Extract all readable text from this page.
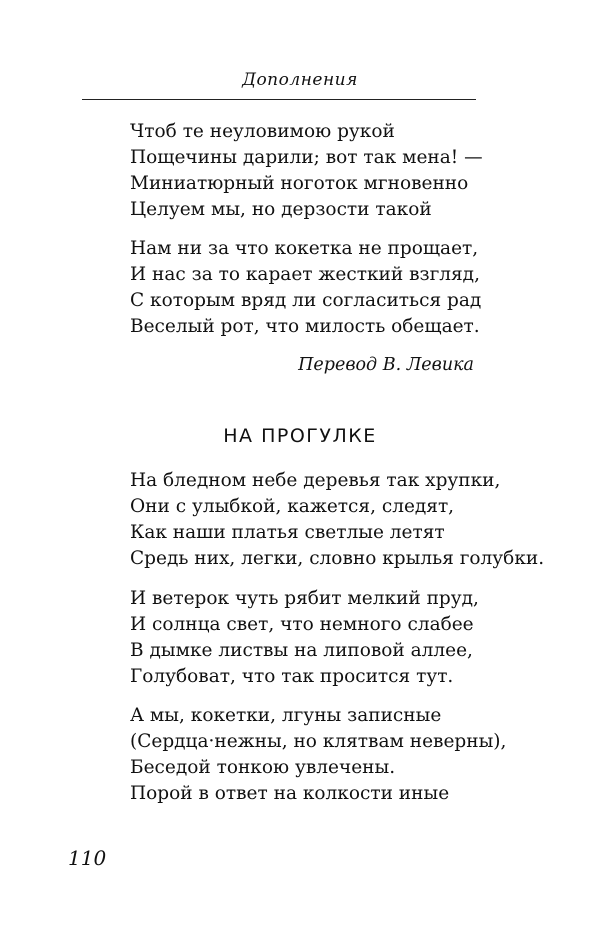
Дополнения
Чтоб те неуловимою рукой
Пощечины дарили; вот так мена! —
Миниатюрный ноготок мгновенно
Целуем мы, но дерзости такой
Нам ни за что кокетка не прощает,
И нас за то карает жесткий взгляд,
С которым вряд ли согласиться рад
Веселый рот, что милость обещает.
Перевод В. Левика
НА ПРОГУЛКЕ
На бледном небе деревья так хрупки,
Они с улыбкой, кажется, следят,
Как наши платья светлые летят
Средь них, легки, словно крылья голубки.
И ветерок чуть рябит мелкий пруд,
И солнца свет, что немного слабее
В дымке листвы на липовой аллее,
Голубоват, что так просится тут.
А мы, кокетки, лгуны записные
(Сердца·нежны, но клятвам неверны),
Беседой тонкою увлечены.
Порой в ответ на колкости иные
110
